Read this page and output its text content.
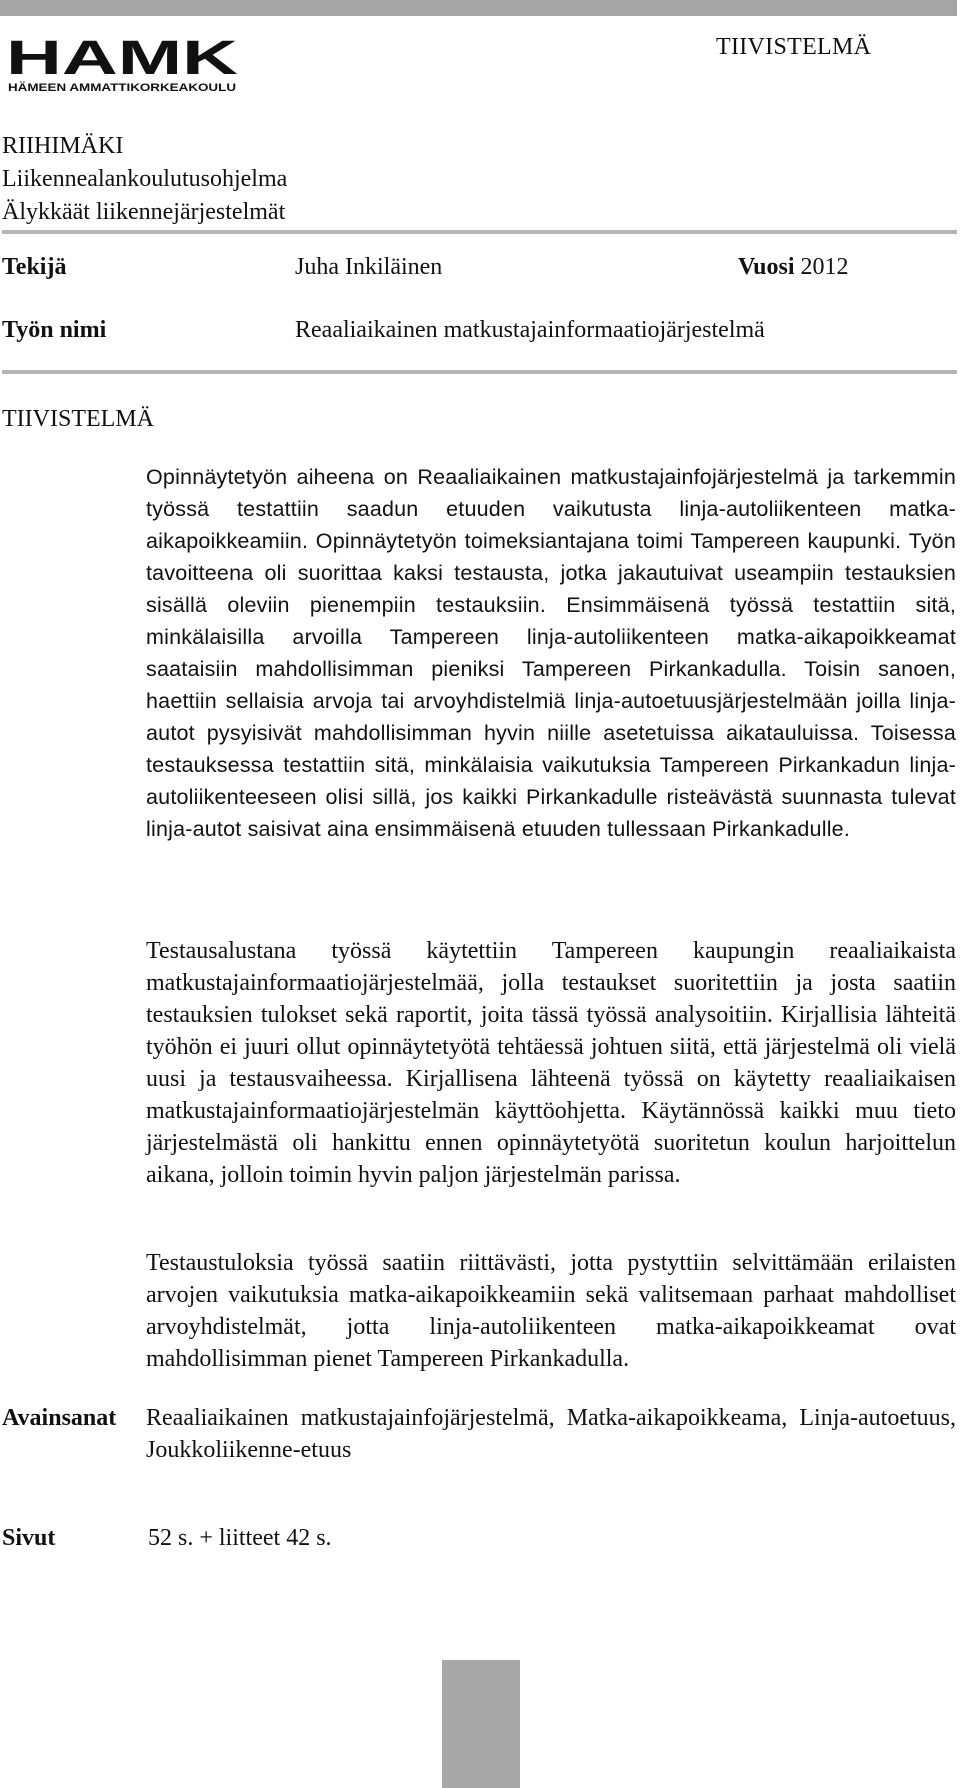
HAMK
HÄMEEN AMMATTIKORKEAKOULU
TIIVISTELMÄ
RIIHIMÄKI
Liikennealankoulutusohjelma
Älykkäät liikennejärjestelmät
Tekijä	Juha Inkiläinen	Vuosi 2012
Työn nimi	Reaaliaikainen matkustajainformaatiojärjestelmä
TIIVISTELMÄ

Opinnäytetyön aiheena on Reaaliaikainen matkustajainfojärjestelmä ja tarkemmin työssä testattiin saadun etuuden vaikutusta linja-autoliikenteen matka-aikapoikkeamiin. Opinnäytetyön toimeksiantajana toimi Tampereen kaupunki. Työn tavoitteena oli suorittaa kaksi testausta, jotka jakautuivat useampiin testauksien sisällä oleviin pienempiin testauksiin. Ensimmäisenä työssä testattiin sitä, minkälaisilla arvoilla Tampereen linja-autoliikenteen matka-aikapoikkeamat saataisiin mahdollisimman pieniksi Tampereen Pirkankadulla. Toisin sanoen, haettiin sellaisia arvoja tai arvoyhdistelmiä linja-autoetuusjärjestelmään joilla linja-autot pysyisivät mahdollisimman hyvin niille asetetuissa aikatauluissa. Toisessa testauksessa testattiin sitä, minkälaisia vaikutuksia Tampereen Pirkankadun linja-autoliikenteeseen olisi sillä, jos kaikki Pirkankadulle risteävästä suunnasta tulevat linja-autot saisivat aina ensimmäisenä etuuden tullessaan Pirkankadulle.

Testausalustana työssä käytettiin Tampereen kaupungin reaaliaikaista matkustajainformaatiojärjestelmää, jolla testaukset suoritettiin ja josta saatiin testauksien tulokset sekä raportit, joita tässä työssä analysoitiin. Kirjallisia lähteitä työhön ei juuri ollut opinnäytetyötä tehtäessä johtuen siitä, että järjestelmä oli vielä uusi ja testausvaiheessa. Kirjallisena lähteenä työssä on käytetty reaaliaikaisen matkustajainformaatiojärjestelmän käyttöohjetta. Käytännössä kaikki muu tieto järjestelmästä oli hankittu ennen opinnäytetyötä suoritetun koulun harjoittelun aikana, jolloin toimin hyvin paljon järjestelmän parissa.

Testaustuloksia työssä saatiin riittävästi, jotta pystyttiin selvittämään erilaisten arvojen vaikutuksia matka-aikapoikkeamiin sekä valitsemaan parhaat mahdolliset arvoyhdistelmät, jotta linja-autoliikenteen matka-aikapoikkeamat ovat mahdollisimman pienet Tampereen Pirkankadulla.

Avainsanat Reaaliaikainen matkustajainfojärjestelmä, Matka-aikapoikkeama, Linja-autoetuus, Joukkoliikenne-etuus

Sivut	52 s. + liitteet 42 s.
